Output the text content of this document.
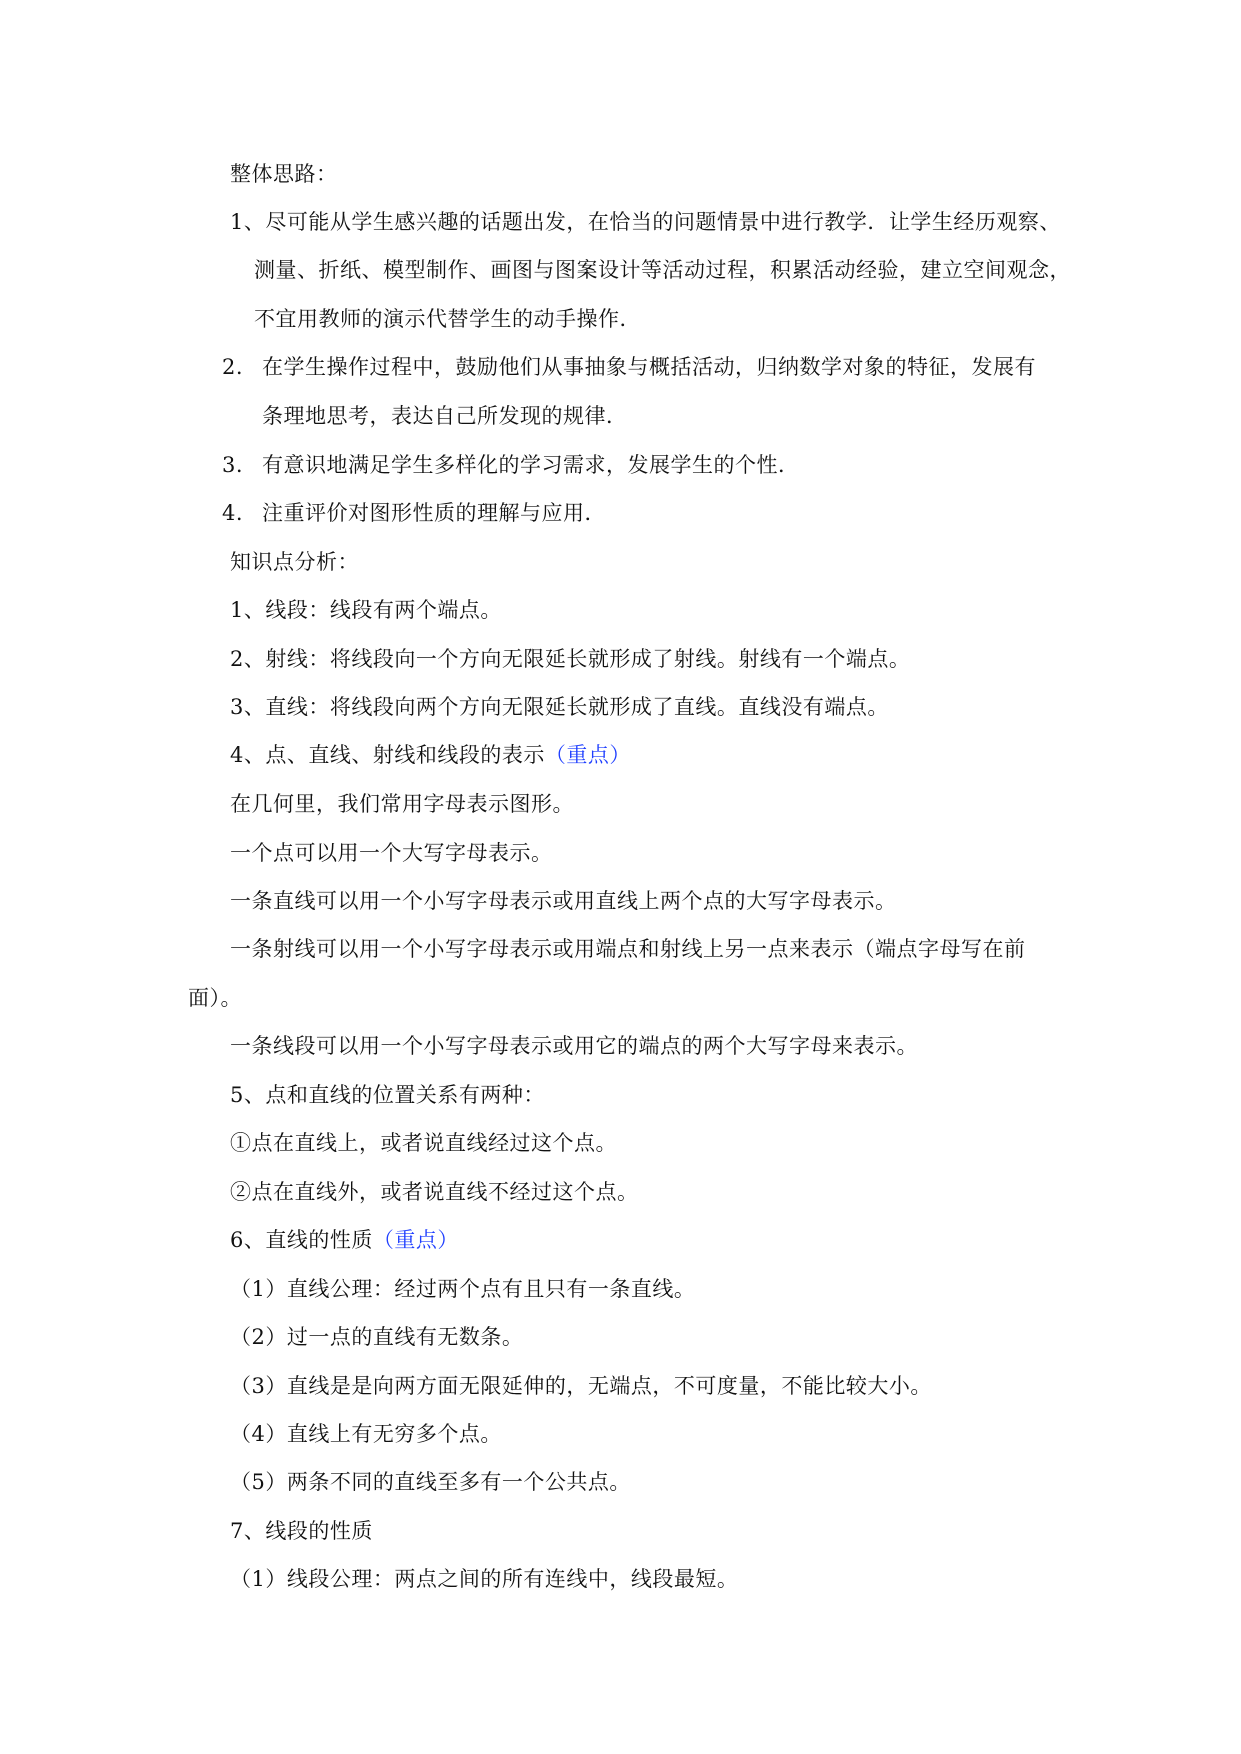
整体思路：
1、尽可能从学生感兴趣的话题出发，在恰当的问题情景中进行教学．让学生经历观察、
测量、折纸、模型制作、画图与图案设计等活动过程，积累活动经验，建立空间观念，
不宜用教师的演示代替学生的动手操作．
2. 在学生操作过程中，鼓励他们从事抽象与概括活动，归纳数学对象的特征，发展有
条理地思考，表达自己所发现的规律．
3. 有意识地满足学生多样化的学习需求，发展学生的个性．
4. 注重评价对图形性质的理解与应用．
知识点分析：
1、线段：线段有两个端点。
2、射线：将线段向一个方向无限延长就形成了射线。射线有一个端点。
3、直线：将线段向两个方向无限延长就形成了直线。直线没有端点。
4、点、直线、射线和线段的表示（重点）
在几何里，我们常用字母表示图形。
一个点可以用一个大写字母表示。
一条直线可以用一个小写字母表示或用直线上两个点的大写字母表示。
一条射线可以用一个小写字母表示或用端点和射线上另一点来表示（端点字母写在前
面）。
一条线段可以用一个小写字母表示或用它的端点的两个大写字母来表示。
5、点和直线的位置关系有两种：
①点在直线上，或者说直线经过这个点。
②点在直线外，或者说直线不经过这个点。
6、直线的性质（重点）
（1）直线公理：经过两个点有且只有一条直线。
（2）过一点的直线有无数条。
（3）直线是是向两方面无限延伸的，无端点，不可度量，不能比较大小。
（4）直线上有无穷多个点。
（5）两条不同的直线至多有一个公共点。
7、线段的性质
（1）线段公理：两点之间的所有连线中，线段最短。
